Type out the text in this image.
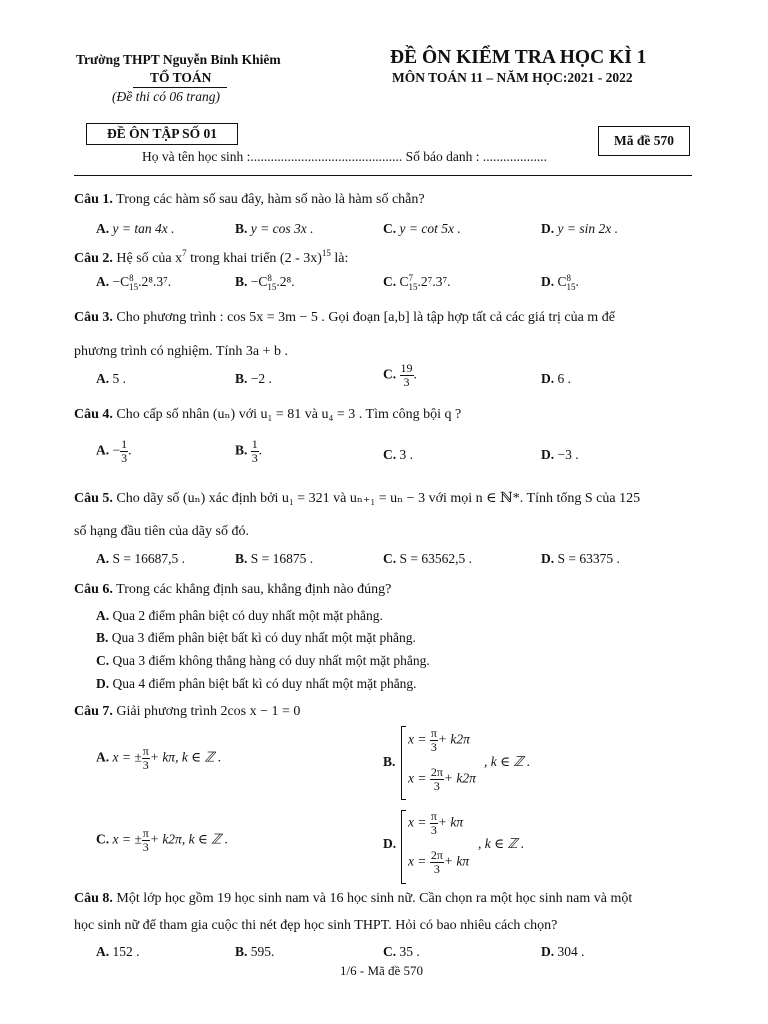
Trường THPT Nguyễn Bỉnh Khiêm
TỔ TOÁN
(Đề thi có 06 trang)
ĐỀ ÔN KIỂM TRA HỌC KÌ 1
MÔN TOÁN 11 – NĂM HỌC:2021 - 2022
ĐỀ ÔN TẬP SỐ 01	Mã đề 570
Họ và tên học sinh :............................................. Số báo danh : ...................
Câu 1. Trong các hàm số sau đây, hàm số nào là hàm số chẵn?
A. y = tan 4x .	B. y = cos 3x .	C. y = cot 5x .	D. y = sin 2x .
Câu 2. Hệ số của $x^7$ trong khai triển (2 - 3x)$^{15}$ là:
A. −C 8
15 .2⁸.3⁷.	B. −C 8
15 .2⁸.	C. C 7
15 .2⁷.3⁷.	D. C 8
15 .
Câu 3. Cho phương trình : cos 5x = 3m − 5 . Gọi đoạn [a,b] là tập hợp tất cả các giá trị của m để
phương trình có nghiệm. Tính 3a + b .
A. 5 .	B. −2 .	C. $\frac{19}{3}$ .	D. 6 .
Câu 4. Cho cấp số nhân (uₙ) với u₁ = 81 và u₄ = 3 . Tìm công bội q ?
A. − $\frac{1}{3}$ .	B. $\frac{1}{3}$ .	C. 3 .	D. −3 .
Câu 5. Cho dãy số (uₙ) xác định bởi u₁ = 321 và uₙ₊₁ = uₙ − 3 với mọi n ∈ ℕ*. Tính tổng S của 125
số hạng đầu tiên của dãy số đó.
A. S = 16687,5 .	B. S = 16875 .	C. S = 63562,5 .	D. S = 63375 .
Câu 6. Trong các khẳng định sau, khẳng định nào đúng?
A. Qua 2 điểm phân biệt có duy nhất một mặt phẳng.
B. Qua 3 điểm phân biệt bất kì có duy nhất một mặt phẳng.
C. Qua 3 điểm không thẳng hàng có duy nhất một mặt phẳng.
D. Qua 4 điểm phân biệt bất kì có duy nhất một mặt phẳng.
Câu 7. Giải phương trình 2cos x − 1 = 0
A. x = ± $\frac{\pi}{3} + k\pi$, k ∈ ℤ .	B.
$x = \frac{\pi}{3} + k2\pi$
$x = \frac{2\pi}{3} + k2\pi$
, k ∈ ℤ .
C. x = ± $\frac{\pi}{3} + k2\pi$, k ∈ ℤ .	D.
$x = \frac{\pi}{3} + k\pi$
$x = \frac{2\pi}{3} + k\pi$
, k ∈ ℤ .
Câu 8. Một lớp học gồm 19 học sinh nam và 16 học sinh nữ. Cần chọn ra một học sinh nam và một
học sinh nữ để tham gia cuộc thi nét đẹp học sinh THPT. Hỏi có bao nhiêu cách chọn?
A. 152 .	B. 595.	C. 35 .	D. 304 .
1/6 - Mã đề 570
